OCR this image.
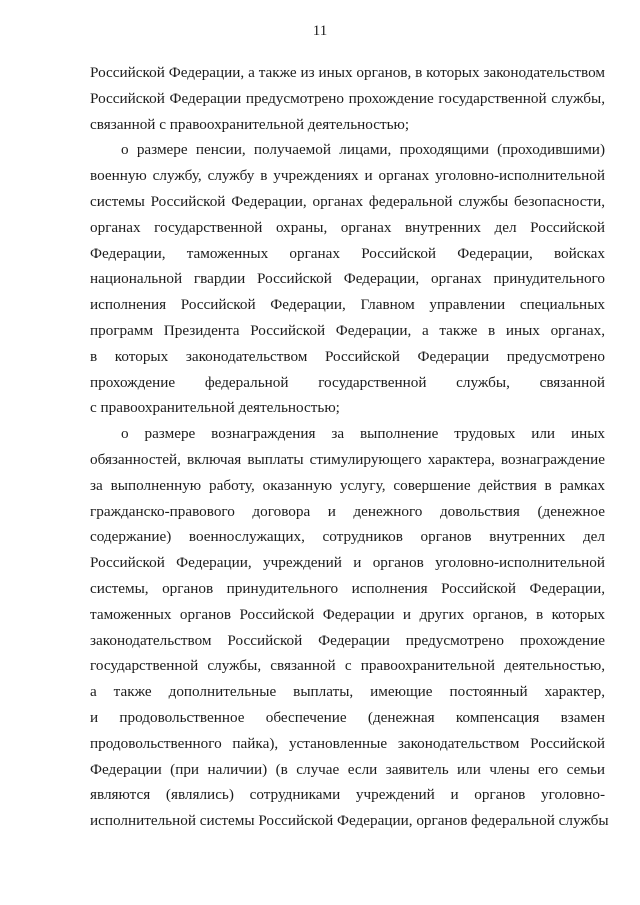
11
Российской Федерации, а также из иных органов, в которых законодательством
Российской Федерации предусмотрено прохождение государственной службы,
связанной с правоохранительной деятельностью;
о размере пенсии, получаемой лицами, проходящими (проходившими)
военную службу, службу в учреждениях и органах уголовно-исполнительной
системы Российской Федерации, органах федеральной службы безопасности,
органах государственной охраны, органах внутренних дел Российской
Федерации, таможенных органах Российской Федерации, войсках
национальной гвардии Российской Федерации, органах принудительного
исполнения Российской Федерации, Главном управлении специальных
программ Президента Российской Федерации, а также в иных органах,
в которых законодательством Российской Федерации предусмотрено
прохождение федеральной государственной службы, связанной
с правоохранительной деятельностью;
о размере вознаграждения за выполнение трудовых или иных
обязанностей, включая выплаты стимулирующего характера, вознаграждение
за выполненную работу, оказанную услугу, совершение действия в рамках
гражданско-правового договора и денежного довольствия (денежное
содержание) военнослужащих, сотрудников органов внутренних дел
Российской Федерации, учреждений и органов уголовно-исполнительной
системы, органов принудительного исполнения Российской Федерации,
таможенных органов Российской Федерации и других органов, в которых
законодательством Российской Федерации предусмотрено прохождение
государственной службы, связанной с правоохранительной деятельностью,
а также дополнительные выплаты, имеющие постоянный характер,
и продовольственное обеспечение (денежная компенсация взамен
продовольственного пайка), установленные законодательством Российской
Федерации (при наличии) (в случае если заявитель или члены его семьи
являются (являлись) сотрудниками учреждений и органов уголовно-
исполнительной системы Российской Федерации, органов федеральной службы
